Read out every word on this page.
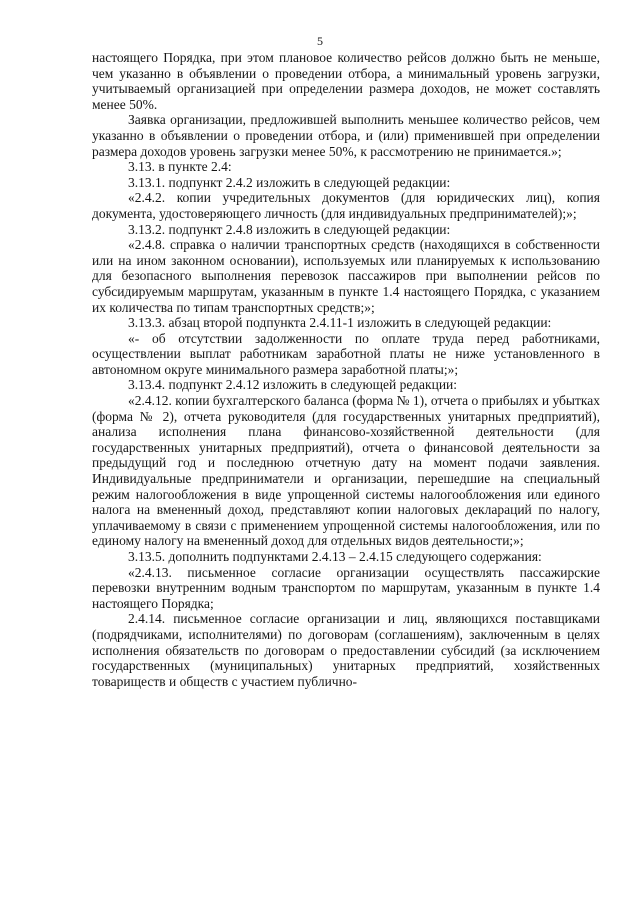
5

настоящего Порядка, при этом плановое количество рейсов должно быть не меньше, чем указанно в объявлении о проведении отбора, а минимальный уровень загрузки, учитываемый организацией при определении размера доходов, не может составлять менее 50%.

Заявка организации, предложившей выполнить меньшее количество рейсов, чем указанно в объявлении о проведении отбора, и (или) применившей при определении размера доходов уровень загрузки менее 50%, к рассмотрению не принимается.»;

3.13. в пункте 2.4:

3.13.1. подпункт 2.4.2 изложить в следующей редакции:

«2.4.2. копии учредительных документов (для юридических лиц), копия документа, удостоверяющего личность (для индивидуальных предпринимателей);»;

3.13.2. подпункт 2.4.8 изложить в следующей редакции:

«2.4.8. справка о наличии транспортных средств (находящихся в собственности или на ином законном основании), используемых или планируемых к использованию для безопасного выполнения перевозок пассажиров при выполнении рейсов по субсидируемым маршрутам, указанным в пункте 1.4 настоящего Порядка, с указанием их количества по типам транспортных средств;»;

3.13.3. абзац второй подпункта 2.4.11-1 изложить в следующей редакции:

«- об отсутствии задолженности по оплате труда перед работниками, осуществлении выплат работникам заработной платы не ниже установленного в автономном округе минимального размера заработной платы;»;

3.13.4. подпункт 2.4.12 изложить в следующей редакции:

«2.4.12. копии бухгалтерского баланса (форма № 1), отчета о прибылях и убытках (форма № 2), отчета руководителя (для государственных унитарных предприятий), анализа исполнения плана финансово-хозяйственной деятельности (для государственных унитарных предприятий), отчета о финансовой деятельности за предыдущий год и последнюю отчетную дату на момент подачи заявления. Индивидуальные предприниматели и организации, перешедшие на специальный режим налогообложения в виде упрощенной системы налогообложения или единого налога на вмененный доход, представляют копии налоговых деклараций по налогу, уплачиваемому в связи с применением упрощенной системы налогообложения, или по единому налогу на вмененный доход для отдельных видов деятельности;»;

3.13.5. дополнить подпунктами 2.4.13 – 2.4.15 следующего содержания:

«2.4.13. письменное согласие организации осуществлять пассажирские перевозки внутренним водным транспортом по маршрутам, указанным в пункте 1.4 настоящего Порядка;

2.4.14. письменное согласие организации и лиц, являющихся поставщиками (подрядчиками, исполнителями) по договорам (соглашениям), заключенным в целях исполнения обязательств по договорам о предоставлении субсидий (за исключением государственных (муниципальных) унитарных предприятий, хозяйственных товариществ и обществ с участием публично-
